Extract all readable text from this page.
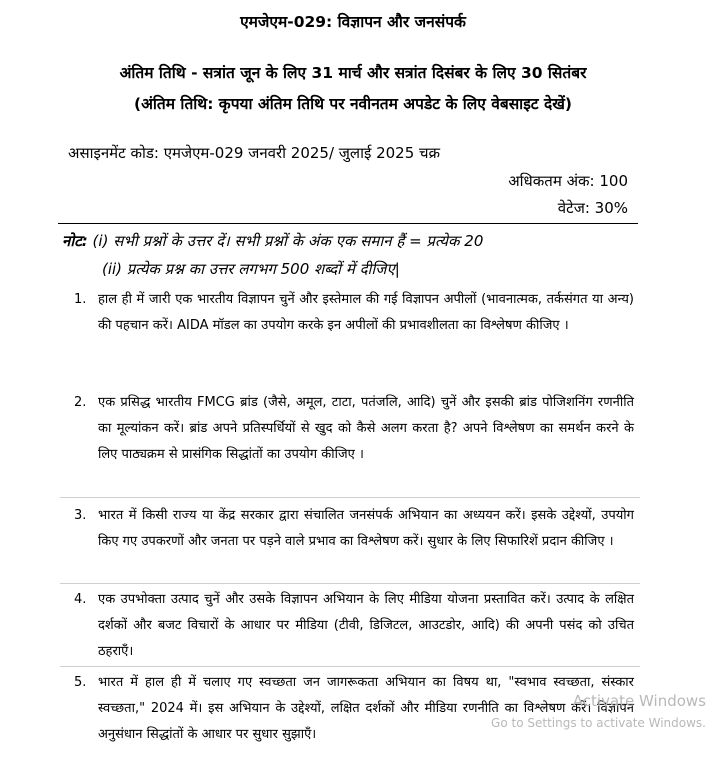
एमजेएम-029: विज्ञापन और जनसंपर्क
अंतिम तिथि - सत्रांत जून के लिए 31 मार्च और सत्रांत दिसंबर के लिए 30 सितंबर
(अंतिम तिथि: कृपया अंतिम तिथि पर नवीनतम अपडेट के लिए वेबसाइट देखें)
असाइनमेंट कोड: एमजेएम-029 जनवरी 2025/ जुलाई 2025 चक्र
अधिकतम अंक: 100
वेटेज: 30%
नोट: (i) सभी प्रश्नों के उत्तर दें। सभी प्रश्नों के अंक एक समान हैं = प्रत्येक 20
(ii) प्रत्येक प्रश्न का उत्तर लगभग 500 शब्दों में दीजिए|
1. हाल ही में जारी एक भारतीय विज्ञापन चुनें और इस्तेमाल की गई विज्ञापन अपीलों (भावनात्मक, तर्कसंगत या अन्य) की पहचान करें। AIDA मॉडल का उपयोग करके इन अपीलों की प्रभावशीलता का विश्लेषण कीजिए ।
2. एक प्रसिद्ध भारतीय FMCG ब्रांड (जैसे, अमूल, टाटा, पतंजलि, आदि) चुनें और इसकी ब्रांड पोजिशनिंग रणनीति का मूल्यांकन करें। ब्रांड अपने प्रतिस्पर्धियों से खुद को कैसे अलग करता है? अपने विश्लेषण का समर्थन करने के लिए पाठ्यक्रम से प्रासंगिक सिद्धांतों का उपयोग कीजिए ।
3. भारत में किसी राज्य या केंद्र सरकार द्वारा संचालित जनसंपर्क अभियान का अध्ययन करें। इसके उद्देश्यों, उपयोग किए गए उपकरणों और जनता पर पड़ने वाले प्रभाव का विश्लेषण करें। सुधार के लिए सिफारिशें प्रदान कीजिए ।
4. एक उपभोक्ता उत्पाद चुनें और उसके विज्ञापन अभियान के लिए मीडिया योजना प्रस्तावित करें। उत्पाद के लक्षित दर्शकों और बजट विचारों के आधार पर मीडिया (टीवी, डिजिटल, आउटडोर, आदि) की अपनी पसंद को उचित ठहराएँ।
5. भारत में हाल ही में चलाए गए स्वच्छता जन जागरूकता अभियान का विषय था, "स्वभाव स्वच्छता, संस्कार स्वच्छता," 2024 में। इस अभियान के उद्देश्यों, लक्षित दर्शकों और मीडिया रणनीति का विश्लेषण करें। विज्ञापन अनुसंधान सिद्धांतों के आधार पर सुधार सुझाएँ।
Activate Windows
Go to Settings to activate Windows.
